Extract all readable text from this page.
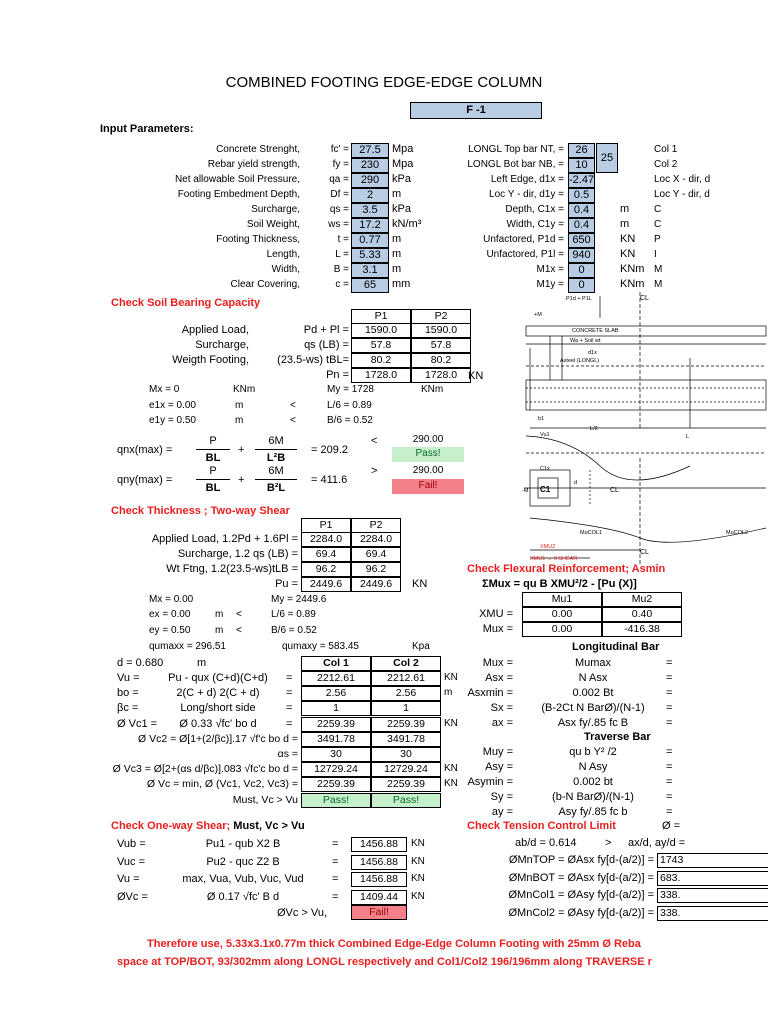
COMBINED FOOTING EDGE-EDGE COLUMN
F -1
Input Parameters:
Concrete Strenght,	fc' = 27.5	Mpa
Rebar yield strength,	fy =	230	Mpa
Net allowable Soil Pressure,	qa =	290	kPa
Footing Embedment Depth,	Df =	2	m
Surcharge,	qs =	3.5	kPa
Soil Weight,	ws = 17.2	kN/m³
Footing Thickness,	t = 0.77	m
Length,	L = 5.33	m
Width,	B =	3.1	m
Clear Covering,	c =	65	mm
LONGL Top bar NT, =	26	Col 1
LONGL Bot bar NB, =	10	Col 2
Left Edge, d1x = -2.47	Loc X - dir, d
Loc Y - dir, d1y = 0.5	Loc Y - dir, d
Depth, C1x = 0.4	m C
Width, C1y = 0.4	m C
Unfactored, P1d = 650	KN P
Unfactored, P1l = 940	KN I
M1x =	0	KNm M
M1y =	0	KNm M
25
Check Soil Bearing Capacity
P1	P2
Applied Load,	Pd + Pl =	1590.0	1590.0
Surcharge,	qs (LB) =	57.8	57.8
Weigth Footing,	(23.5-ws) tBL=	80.2	80.2
Pn =	1728.0	1728.0 KN
Mx = 0	KNm	My = 1728	KNm
e1x = 0.00	m	<	L/6 = 0.89
e1y = 0.50	m	<	B/6 = 0.52
qnx(max) =
P
BL
+
6M
L²B
= 209.2
<	290.00
Pass!
qny(max) =
P
BL
+
6M
B²L
= 411.6
>	290.00
Fail!
Check Thickness ; Two-way Shear
P1	P2
Applied Load, 1.2Pd + 1.6Pl =	2284.0	2284.0
Surcharge, 1.2 qs (LB) =	69.4	69.4
Wt Ftng, 1.2(23.5-ws)tLB =	96.2	96.2
Pu =	2449.6	2449.6	KN
Mx = 0.00	My = 2449.6
ex = 0.00 m <	L/6 = 0.89
ey = 0.50 m <	B/6 = 0.52
qumaxx = 296.51	qumaxy = 583.45	Kpa
d = 0.680	m	Col 1	Col 2
Vu =	Pu - qux (C+d)(C+d)	=	2212.61	2212.61	KN
bo =	2(C + d) 2(C + d)	=	2.56	2.56	m
βc =	Long/short side	=	1	1
Ø Vc1 =	Ø 0.33 √fc' bo d	=	2259.39	2259.39	KN
Ø Vc2 = Ø[1+(2/βc)].17 √f'c bo d =	3491.78	3491.78
αs =	30	30
Ø Vc3 = Ø[2+(αs d/βc)].083 √fc'c bo d =	12729.24	12729.24	KN
Ø Vc = min, Ø (Vc1, Vc2, Vc3) =	2259.39	2259.39	KN
Must, Vc > Vu	Pass!	Pass!
Check One-way Shear; Must, Vc > Vu
Vub =	Pu1 - qub X2 B	=	1456.88	KN
Vuc =	Pu2 - quc Z2 B	=	1456.88	KN
Vu =	max, Vua, Vub, Vuc, Vud	=	1456.88	KN
ØVc =	Ø 0.17 √fc' B d	=	1409.44	KN
ØVc > Vu,	Fail!
Check Flexural Reinforcement; Asmin
ΣMux = qu B XMU²/2 - [Pu (X)]
Mu1	Mu2
XMU =	0.00	0.40
Mux =	0.00	-416.38
Longitudinal Bar
Mux =	Mumax	=
Asx =	N Asx	=
Asxmin =	0.002 Bt	=
Sx =	(B-2Ct N BarØ)/(N-1)	=
ax =	Asx fy/.85 fc B	=
Traverse Bar
Muy =	qu b Y² /2	=
Asy =	N Asy	=
Asymin =	0.002 bt	=
Sy =	(b-N BarØ)/(N-1)	=
ay =	Asy fy/.85 fc b	=
Check Tension Control Limit	Ø =
ab/d = 0.614	> ax/d, ay/d =
ØMnTOP = ØAsx fy[d-(a/2)] = 1743
ØMnBOT = ØAsx fy[d-(a/2)] = 683.
ØMnCol1 = ØAsy fy[d-(a/2)] = 338.
ØMnCol2 = ØAsy fy[d-(a/2)] = 338.
Therefore use, 5.33x3.1x0.77m thick Combined Edge-Edge Column Footing with 25mm Ø Reba
space at TOP/BOT, 93/302mm along LONGL respectively and Col1/Col2 196/196mm along TRAVERSE r
P1d + P1L	CL
+M
CONCRETE SLAB
Wa + Soil wt
d1x
Asteel (LONGL)
b1
L/2
L
Vu1
C1x
C1
d
-M	CL
MuCOL1	MuCOL2
XMU2
XMU1 → 0 SHEAR
CL
